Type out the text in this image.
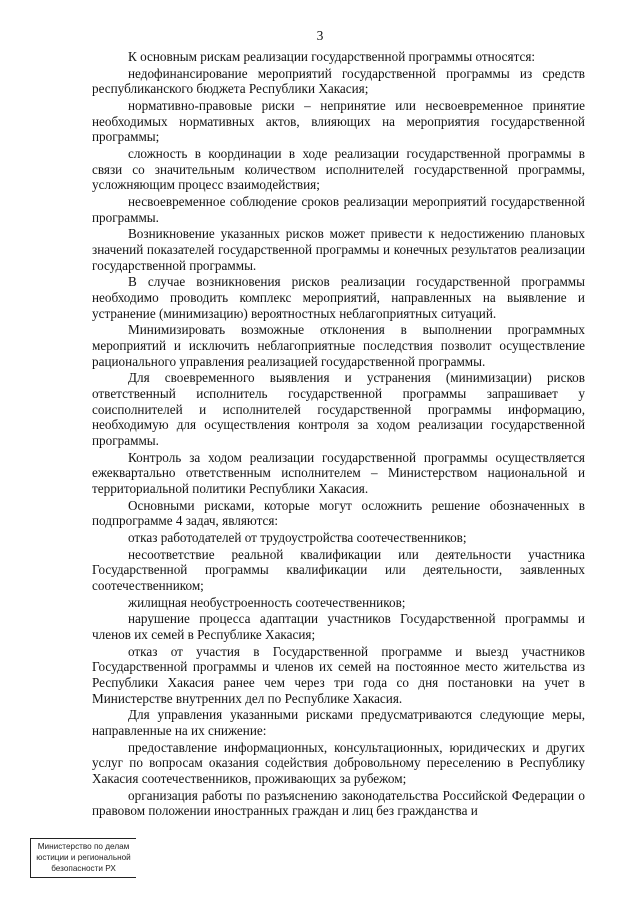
3

К основным рискам реализации государственной программы относятся:

недофинансирование мероприятий государственной программы из средств республиканского бюджета Республики Хакасия;

нормативно-правовые риски – непринятие или несвоевременное принятие необходимых нормативных актов, влияющих на мероприятия государственной программы;

сложность в координации в ходе реализации государственной программы в связи со значительным количеством исполнителей государственной программы, усложняющим процесс взаимодействия;

несвоевременное соблюдение сроков реализации мероприятий государственной программы.

Возникновение указанных рисков может привести к недостижению плановых значений показателей государственной программы и конечных результатов реализации государственной программы.

В случае возникновения рисков реализации государственной программы необходимо проводить комплекс мероприятий, направленных на выявление и устранение (минимизацию) вероятностных неблагоприятных ситуаций.

Минимизировать возможные отклонения в выполнении программных мероприятий и исключить неблагоприятные последствия позволит осуществление рационального управления реализацией государственной программы.

Для своевременного выявления и устранения (минимизации) рисков ответственный исполнитель государственной программы запрашивает у соисполнителей и исполнителей государственной программы информацию, необходимую для осуществления контроля за ходом реализации государственной программы.

Контроль за ходом реализации государственной программы осуществляется ежеквартально ответственным исполнителем – Министерством национальной и территориальной политики Республики Хакасия.

Основными рисками, которые могут осложнить решение обозначенных в подпрограмме 4 задач, являются:

отказ работодателей от трудоустройства соотечественников;

несоответствие реальной квалификации или деятельности участника Государственной программы квалификации или деятельности, заявленных соотечественником;

жилищная необустроенность соотечественников;

нарушение процесса адаптации участников Государственной программы и членов их семей в Республике Хакасия;

отказ от участия в Государственной программе и выезд участников Государственной программы и членов их семей на постоянное место жительства из Республики Хакасия ранее чем через три года со дня постановки на учет в Министерстве внутренних дел по Республике Хакасия.

Для управления указанными рисками предусматриваются следующие меры, направленные на их снижение:

предоставление информационных, консультационных, юридических и других услуг по вопросам оказания содействия добровольному переселению в Республику Хакасия соотечественников, проживающих за рубежом;

организация работы по разъяснению законодательства Российской Федерации о правовом положении иностранных граждан и лиц без гражданства и

Министерство по делам
юстиции и региональной
безопасности РХ
